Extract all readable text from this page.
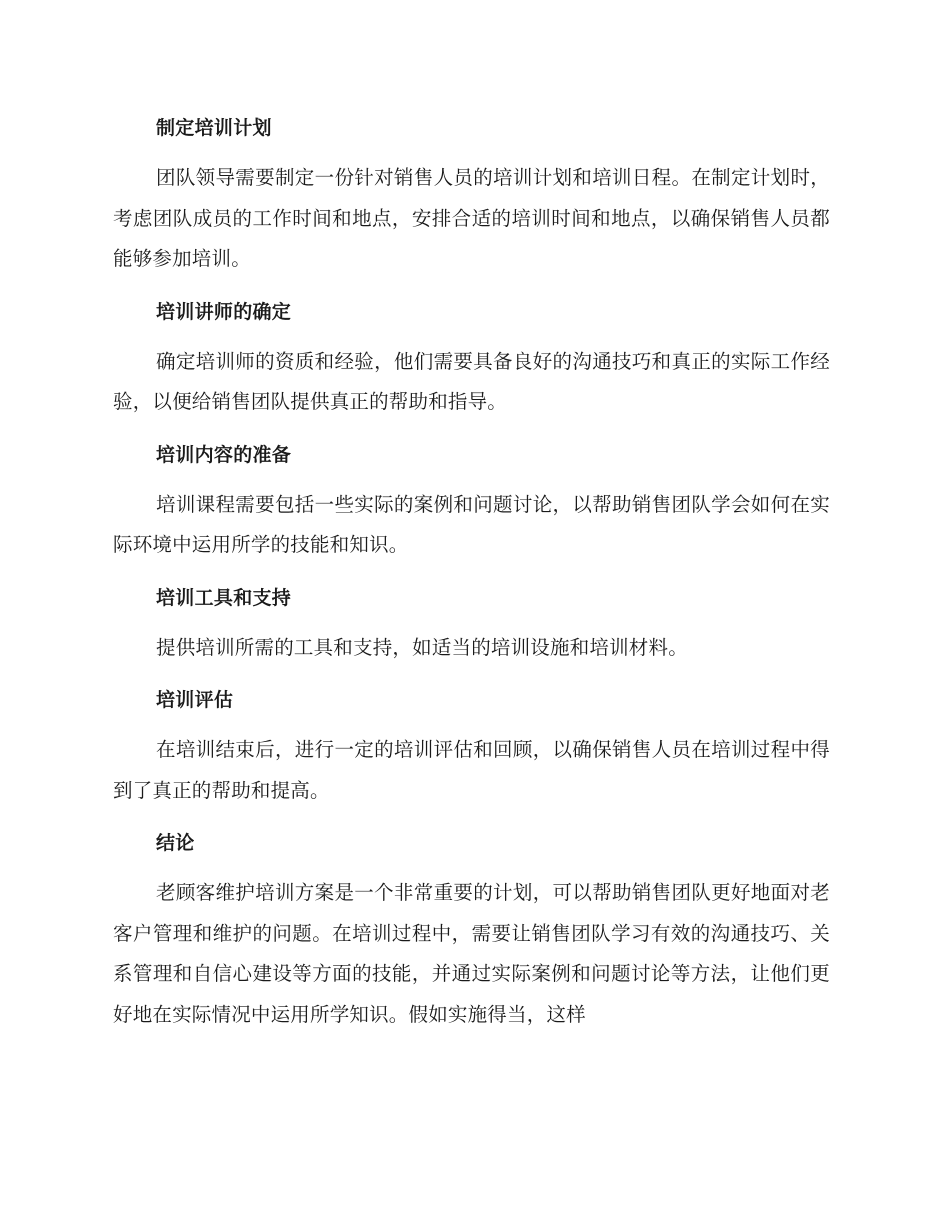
制定培训计划

团队领导需要制定一份针对销售人员的培训计划和培训日程。在制定计划时，考虑团队成员的工作时间和地点，安排合适的培训时间和地点，以确保销售人员都能够参加培训。

培训讲师的确定

确定培训师的资质和经验，他们需要具备良好的沟通技巧和真正的实际工作经验，以便给销售团队提供真正的帮助和指导。

培训内容的准备

培训课程需要包括一些实际的案例和问题讨论，以帮助销售团队学会如何在实际环境中运用所学的技能和知识。

培训工具和支持

提供培训所需的工具和支持，如适当的培训设施和培训材料。

培训评估

在培训结束后，进行一定的培训评估和回顾，以确保销售人员在培训过程中得到了真正的帮助和提高。

结论

老顾客维护培训方案是一个非常重要的计划，可以帮助销售团队更好地面对老客户管理和维护的问题。在培训过程中，需要让销售团队学习有效的沟通技巧、关系管理和自信心建设等方面的技能，并通过实际案例和问题讨论等方法，让他们更好地在实际情况中运用所学知识。假如实施得当，这样
